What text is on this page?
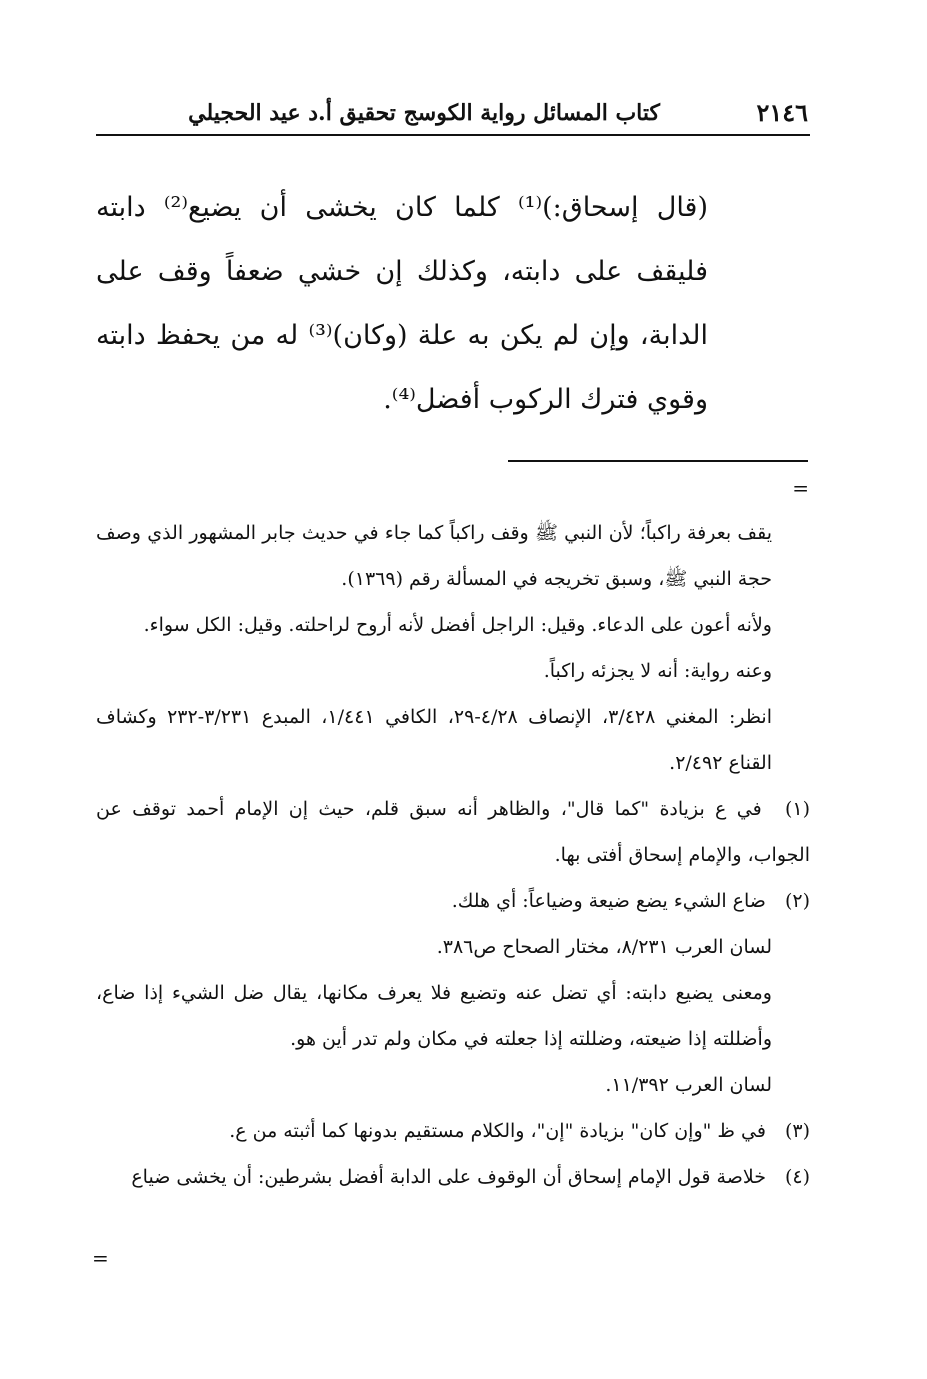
٢١٤٦
كتاب المسائل رواية الكوسج تحقيق أ.د عيد الحجيلي

(قال إسحاق:)⁽¹⁾ كلما كان يخشى أن يضيع⁽²⁾ دابته فليقف على دابته، وكذلك إن خشي ضعفاً وقف على الدابة، وإن لم يكن به علة (وكان)⁽³⁾ له من يحفظ دابته وقوي فترك الركوب أفضل⁽⁴⁾.

=

يقف بعرفة راكباً؛ لأن النبي ﷺ وقف راكباً كما جاء في حديث جابر المشهور الذي وصف حجة النبي ﷺ، وسبق تخريجه في المسألة رقم (١٣٦٩).

ولأنه أعون على الدعاء. وقيل: الراجل أفضل لأنه أروح لراحلته. وقيل: الكل سواء.

وعنه رواية: أنه لا يجزئه راكباً.

انظر: المغني ٣/٤٢٨، الإنصاف ٤/٢٨-٢٩، الكافي ١/٤٤١، المبدع ٣/٢٣١-٢٣٢ وكشاف القناع ٢/٤٩٢.

(١) في ع بزيادة "كما قال"، والظاهر أنه سبق قلم، حيث إن الإمام أحمد توقف عن الجواب، والإمام إسحاق أفتى بها.
(٢) ضاع الشيء يضع ضيعة وضياعاً: أي هلك.
لسان العرب ٨/٢٣١، مختار الصحاح ص٣٨٦.
ومعنى يضيع دابته: أي تضل عنه وتضيع فلا يعرف مكانها، يقال ضل الشيء إذا ضاع، وأضللته إذا ضيعته، وضللته إذا جعلته في مكان ولم تدر أين هو.
لسان العرب ١١/٣٩٢.
(٣) في ظ "وإن كان" بزيادة "إن"، والكلام مستقيم بدونها كما أثبته من ع.
(٤) خلاصة قول الإمام إسحاق أن الوقوف على الدابة أفضل بشرطين: أن يخشى ضياع
=
